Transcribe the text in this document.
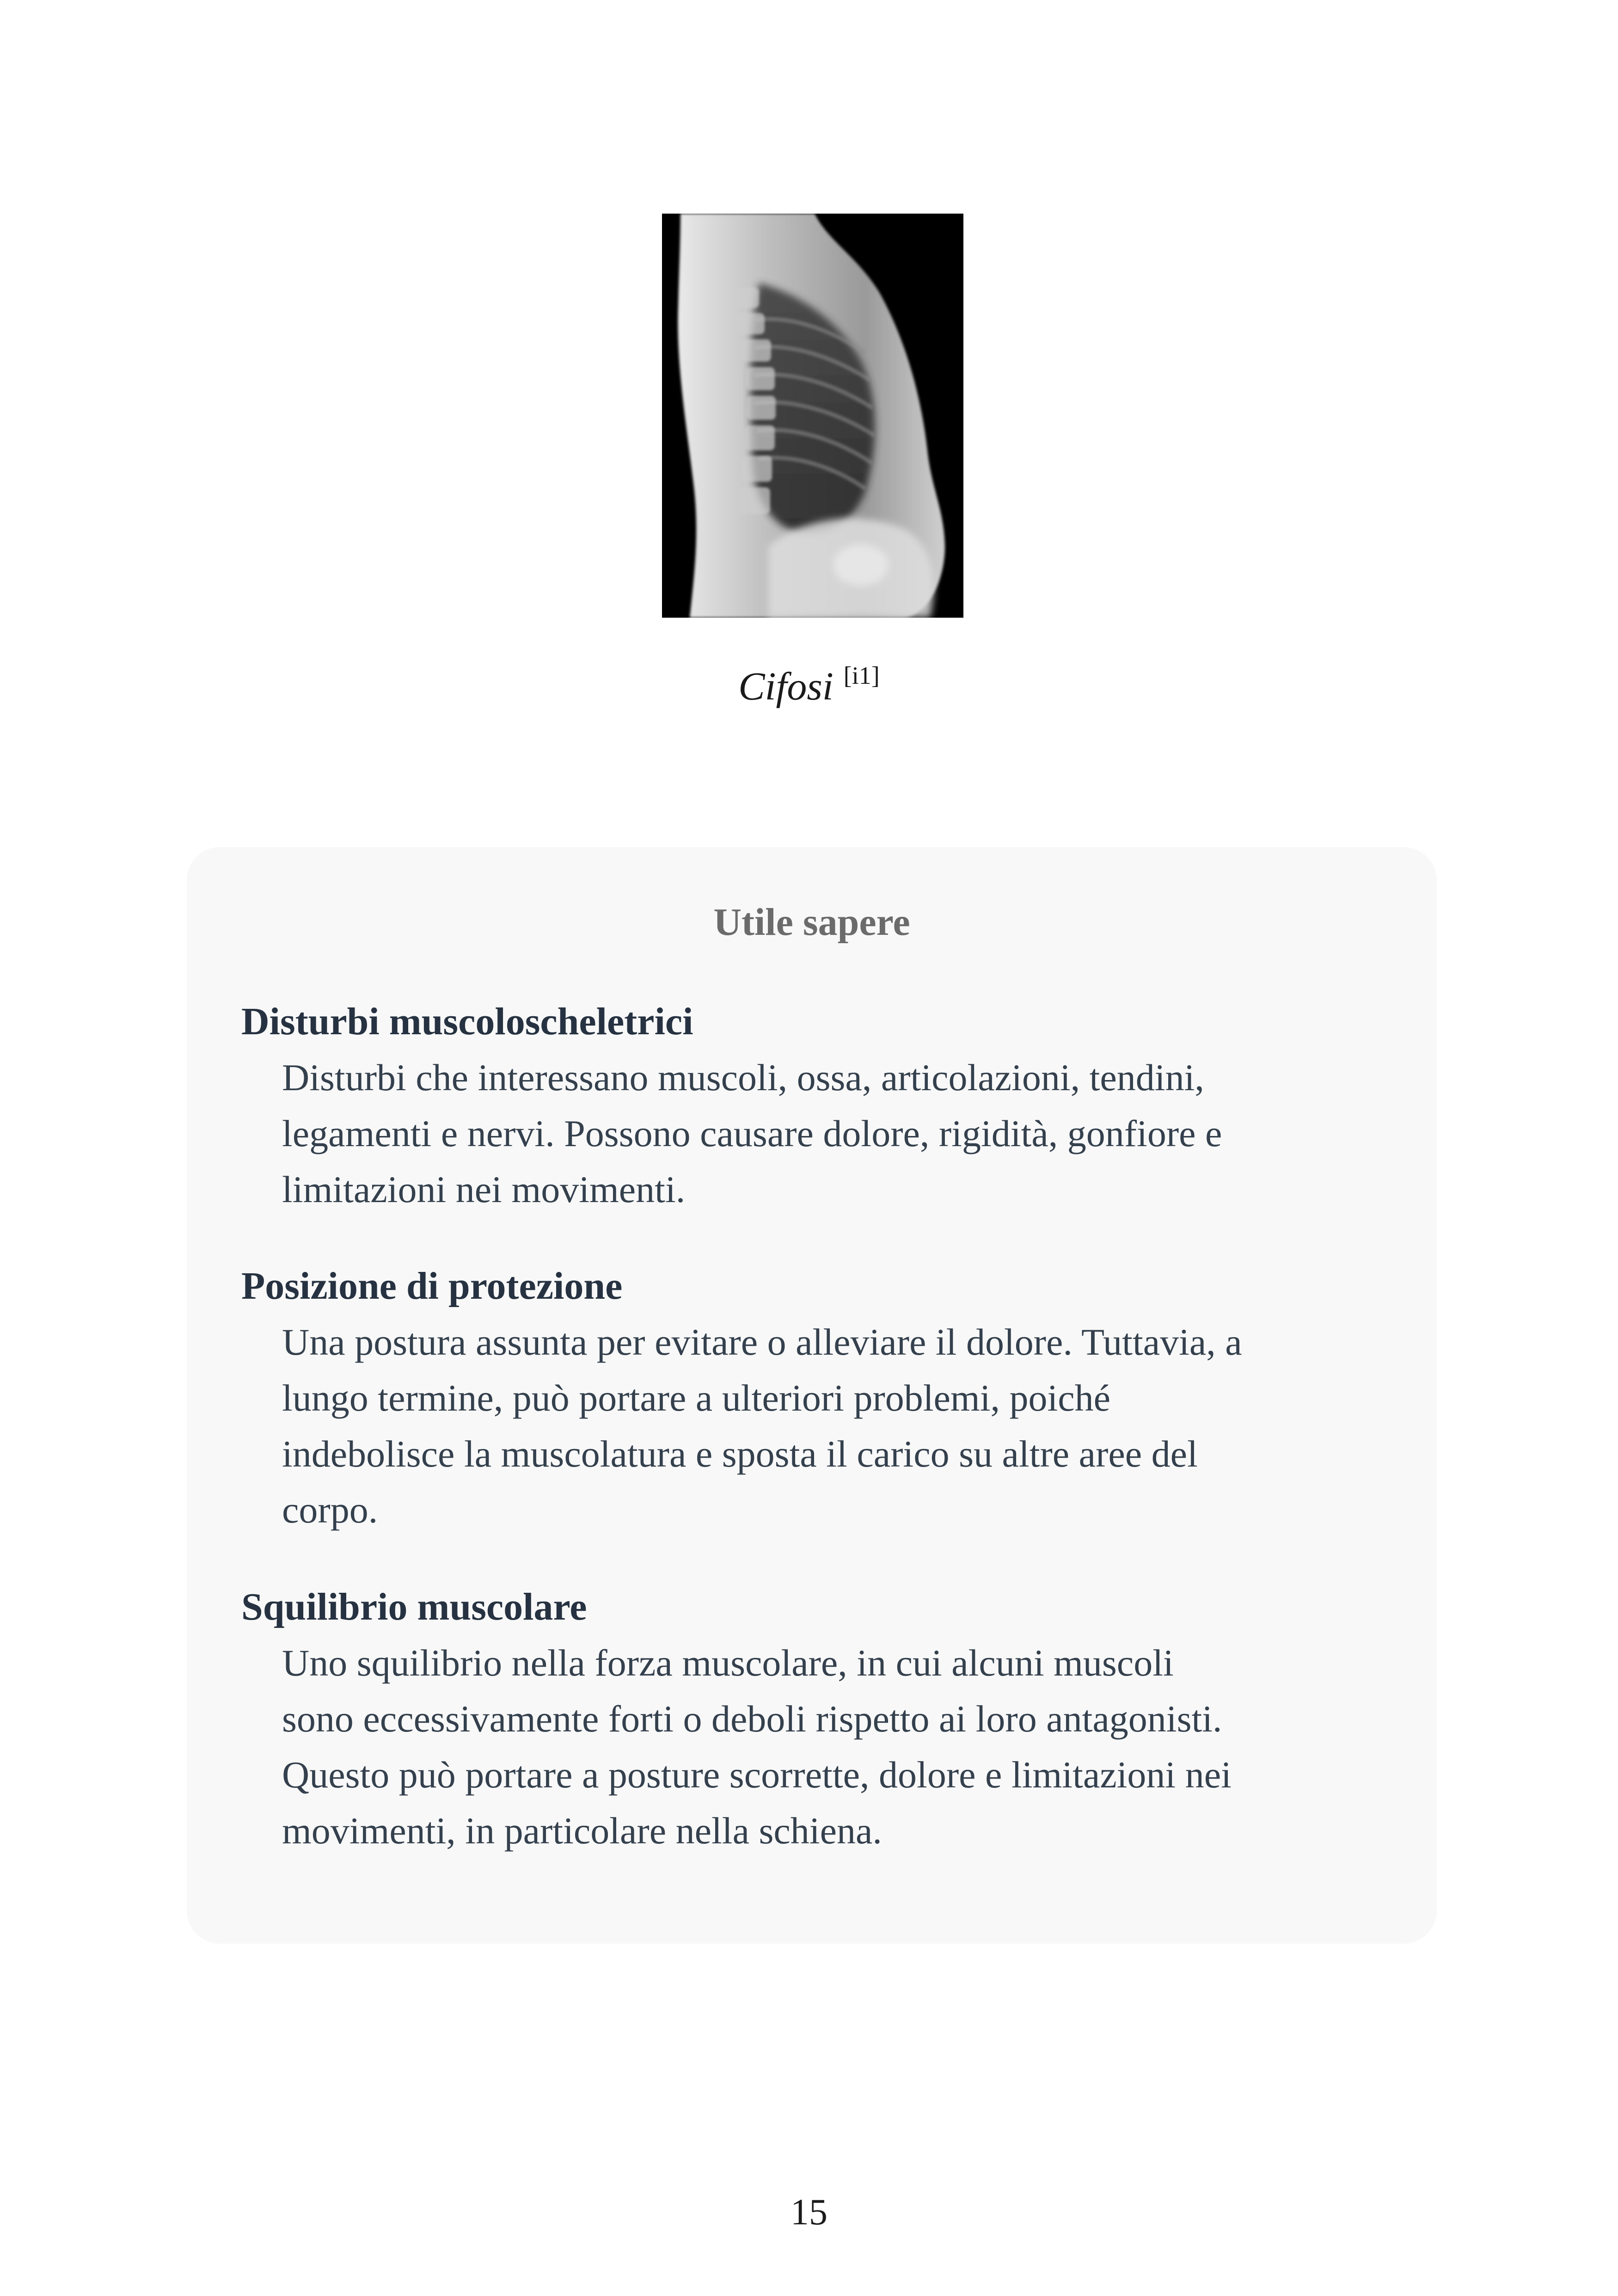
Cifosi [i1]
Utile sapere
Disturbi muscoloscheletrici
Disturbi che interessano muscoli, ossa, articolazioni, tendini,
legamenti e nervi. Possono causare dolore, rigidità, gonfiore e
limitazioni nei movimenti.
Posizione di protezione
Una postura assunta per evitare o alleviare il dolore. Tuttavia, a
lungo termine, può portare a ulteriori problemi, poiché
indebolisce la muscolatura e sposta il carico su altre aree del
corpo.
Squilibrio muscolare
Uno squilibrio nella forza muscolare, in cui alcuni muscoli
sono eccessivamente forti o deboli rispetto ai loro antagonisti.
Questo può portare a posture scorrette, dolore e limitazioni nei
movimenti, in particolare nella schiena.
15
